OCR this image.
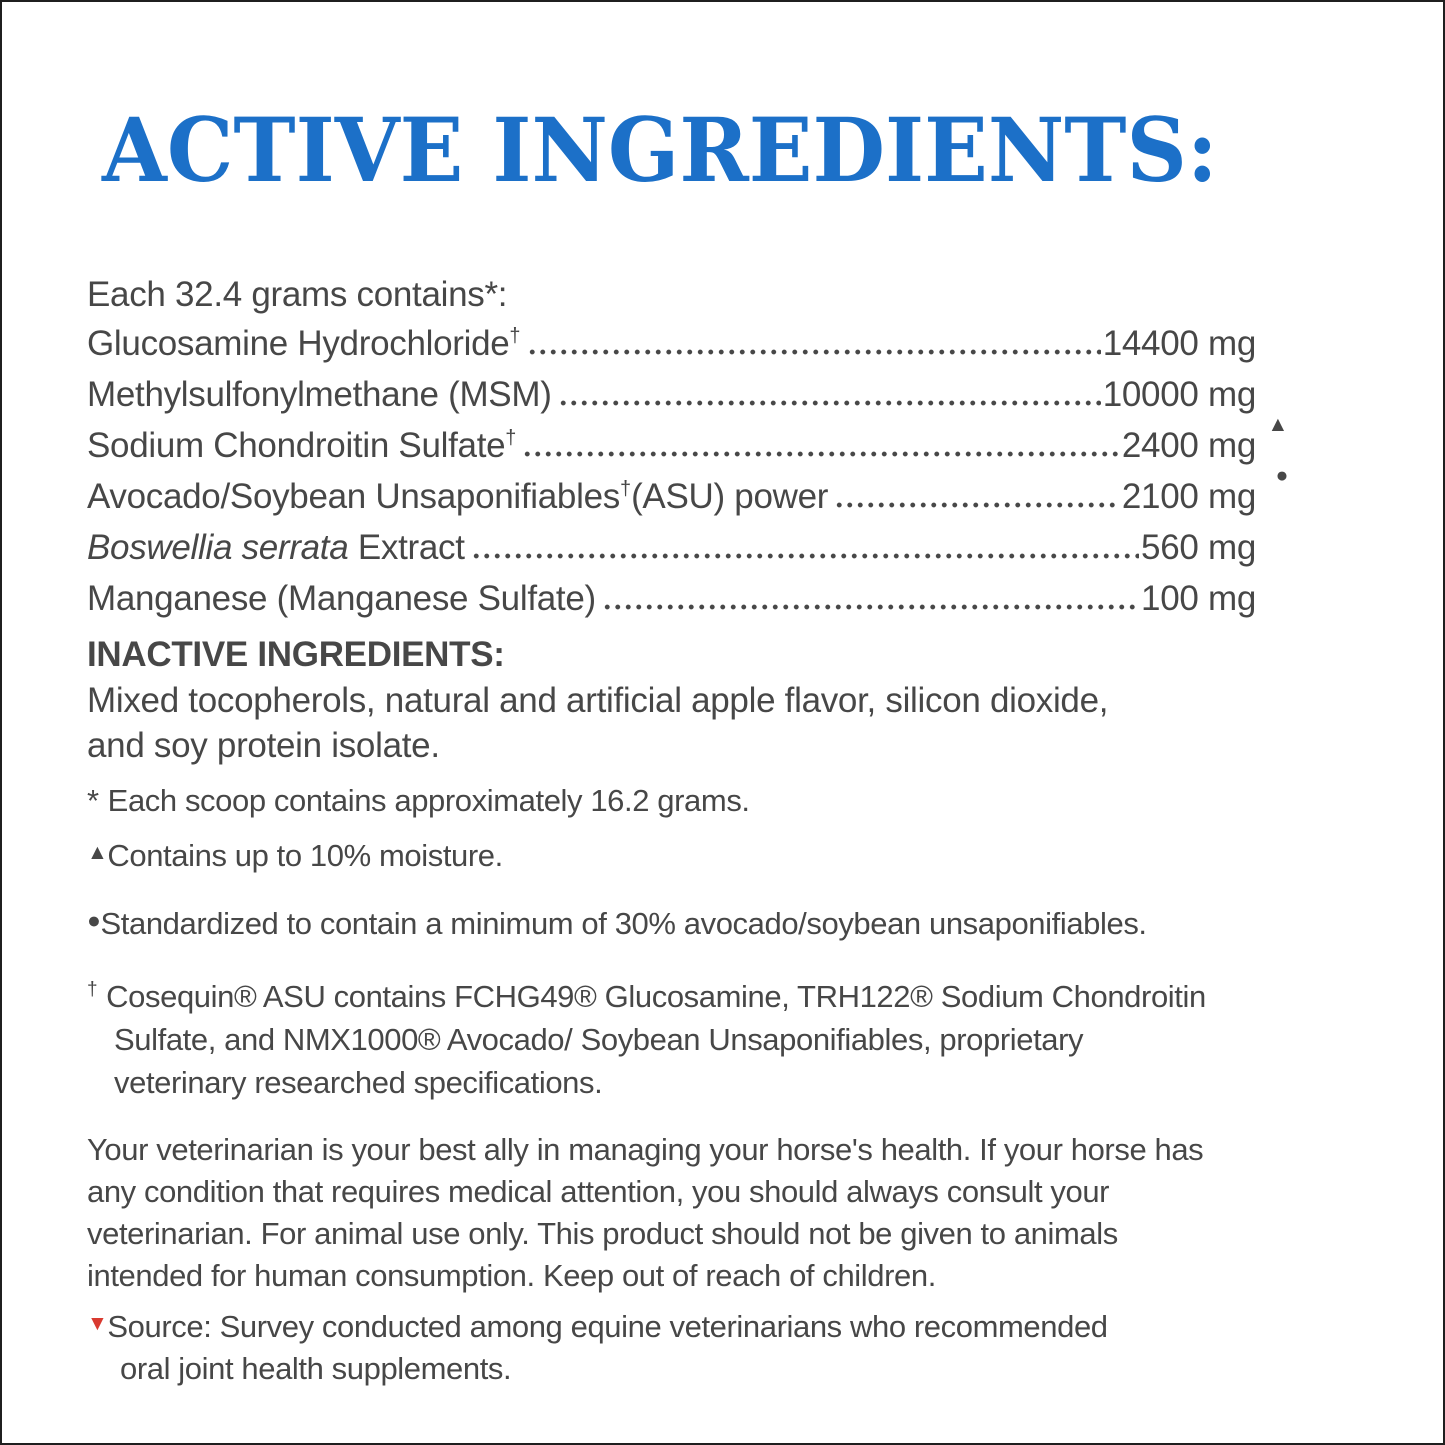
ACTIVE INGREDIENTS:
Each 32.4 grams contains*:
Glucosamine Hydrochloride†	14400 mg
Methylsulfonylmethane (MSM)	10000 mg
Sodium Chondroitin Sulfate†	2400 mg
▲
Avocado/Soybean Unsaponifiables†(ASU) power	2100 mg
●
Boswellia serrata Extract	560 mg
Manganese (Manganese Sulfate)	100 mg
INACTIVE INGREDIENTS:
Mixed tocopherols, natural and artificial apple flavor, silicon dioxide,
and soy protein isolate.
* Each scoop contains approximately 16.2 grams.
▲Contains up to 10% moisture.
●Standardized to contain a minimum of 30% avocado/soybean unsaponifiables.
† Cosequin® ASU contains FCHG49® Glucosamine, TRH122® Sodium Chondroitin
Sulfate, and NMX1000® Avocado/ Soybean Unsaponifiables, proprietary
veterinary researched specifications.
Your veterinarian is your best ally in managing your horse's health. If your horse has
any condition that requires medical attention, you should always consult your
veterinarian. For animal use only. This product should not be given to animals
intended for human consumption. Keep out of reach of children.
▼Source: Survey conducted among equine veterinarians who recommended
oral joint health supplements.
